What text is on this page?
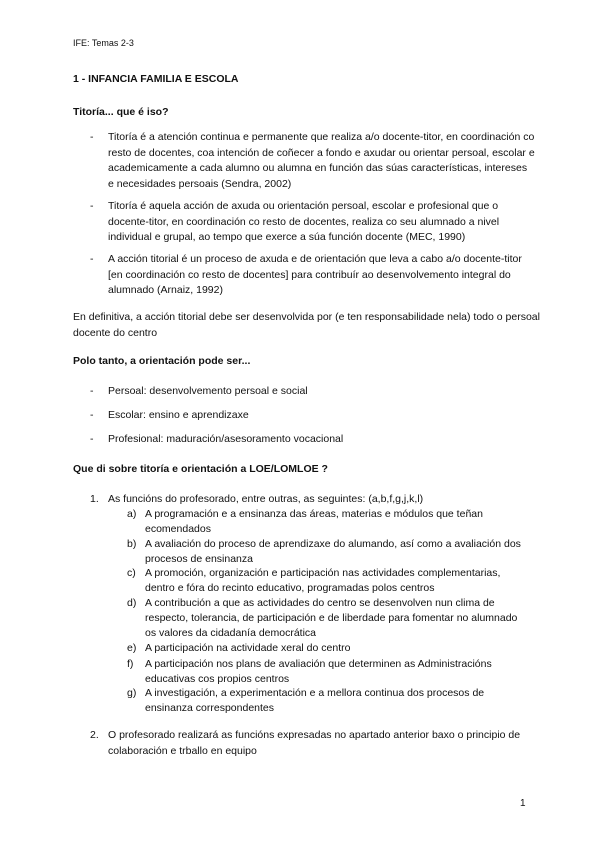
IFE: Temas 2-3
1 - INFANCIA FAMILIA E ESCOLA
Titoría... que é iso?
- Titoría é a atención continua e permanente que realiza a/o docente-titor, en coordinación co resto de docentes, coa intención de coñecer a fondo e axudar ou orientar persoal, escolar e academicamente a cada alumno ou alumna en función das súas características, intereses e necesidades persoais (Sendra, 2002)
- Titoría é aquela acción de axuda ou orientación persoal, escolar e profesional que o docente-titor, en coordinación co resto de docentes, realiza co seu alumnado a nivel individual e grupal, ao tempo que exerce a súa función docente (MEC, 1990)
- A acción titorial é un proceso de axuda e de orientación que leva a cabo a/o docente-titor [en coordinación co resto de docentes] para contribuír ao desenvolvemento integral do alumnado (Arnaiz, 1992)
En definitiva, a acción titorial debe ser desenvolvida por (e ten responsabilidade nela) todo o persoal docente do centro
Polo tanto, a orientación pode ser...
- Persoal: desenvolvemento persoal e social
- Escolar: ensino e aprendizaxe
- Profesional: maduración/asesoramento vocacional
Que di sobre titoría e orientación a LOE/LOMLOE ?
1. As funcións do profesorado, entre outras, as seguintes: (a,b,f,g,j,k,l)
a) A programación e a ensinanza das áreas, materias e módulos que teñan ecomendados
b) A avaliación do proceso de aprendizaxe do alumando, así como a avaliación dos procesos de ensinanza
c) A promoción, organización e participación nas actividades complementarias, dentro e fóra do recinto educativo, programadas polos centros
d) A contribución a que as actividades do centro se desenvolven nun clima de respecto, tolerancia, de participación e de liberdade para fomentar no alumnado os valores da cidadanía democrática
e) A participación na actividade xeral do centro
f) A participación nos plans de avaliación que determinen as Administracións educativas cos propios centros
g) A investigación, a experimentación e a mellora continua dos procesos de ensinanza correspondentes
2. O profesorado realizará as funcións expresadas no apartado anterior baxo o principio de colaboración e trballo en equipo
1
